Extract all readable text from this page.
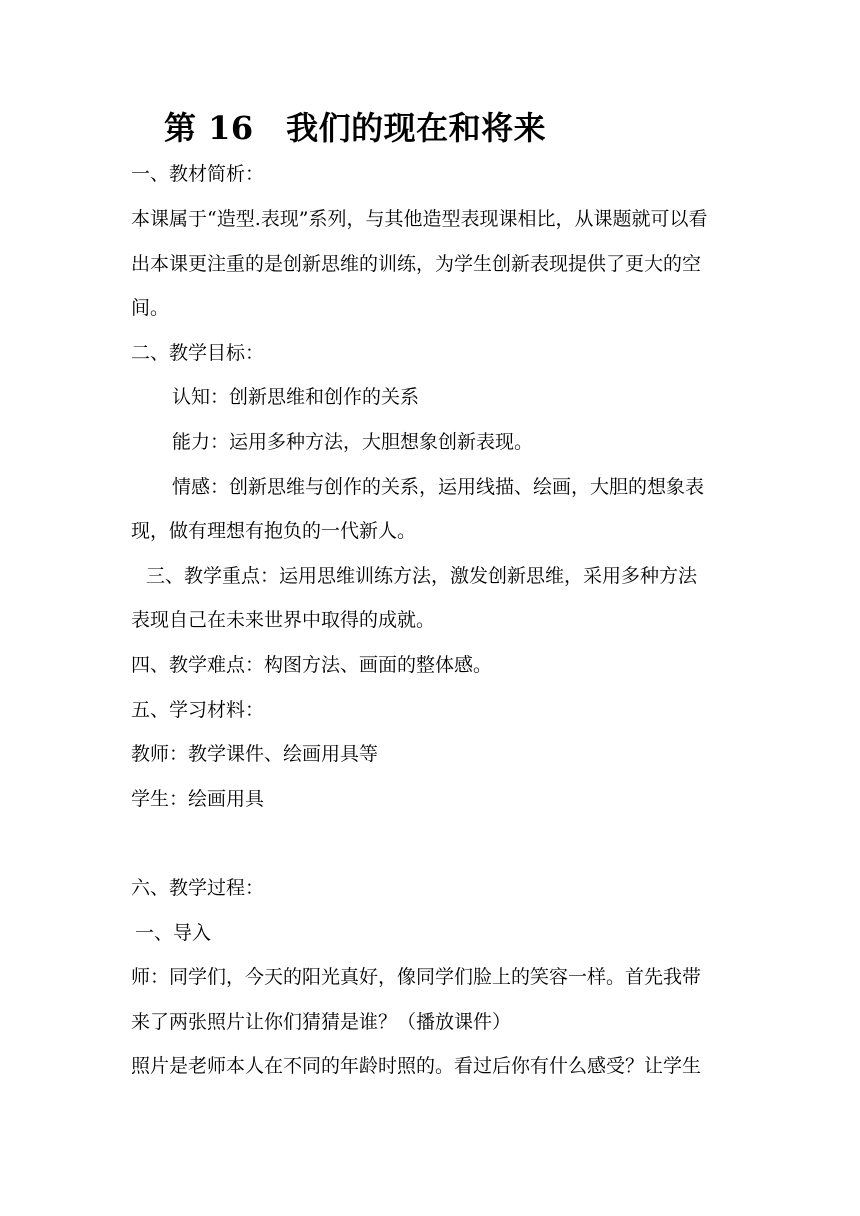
第 16　我们的现在和将来
一、教材简析：
本课属于“造型.表现”系列，与其他造型表现课相比，从课题就可以看
出本课更注重的是创新思维的训练，为学生创新表现提供了更大的空
间。
二、教学目标：
认知：创新思维和创作的关系
能力：运用多种方法，大胆想象创新表现。
情感：创新思维与创作的关系，运用线描、绘画，大胆的想象表
现，做有理想有抱负的一代新人。
三、教学重点：运用思维训练方法，激发创新思维，采用多种方法
表现自己在未来世界中取得的成就。
四、教学难点：构图方法、画面的整体感。
五、学习材料：
教师：教学课件、绘画用具等
学生：绘画用具
六、教学过程：
一、导入
师：同学们，今天的阳光真好，像同学们脸上的笑容一样。首先我带
来了两张照片让你们猜猜是谁？（播放课件）
照片是老师本人在不同的年龄时照的。看过后你有什么感受？让学生
